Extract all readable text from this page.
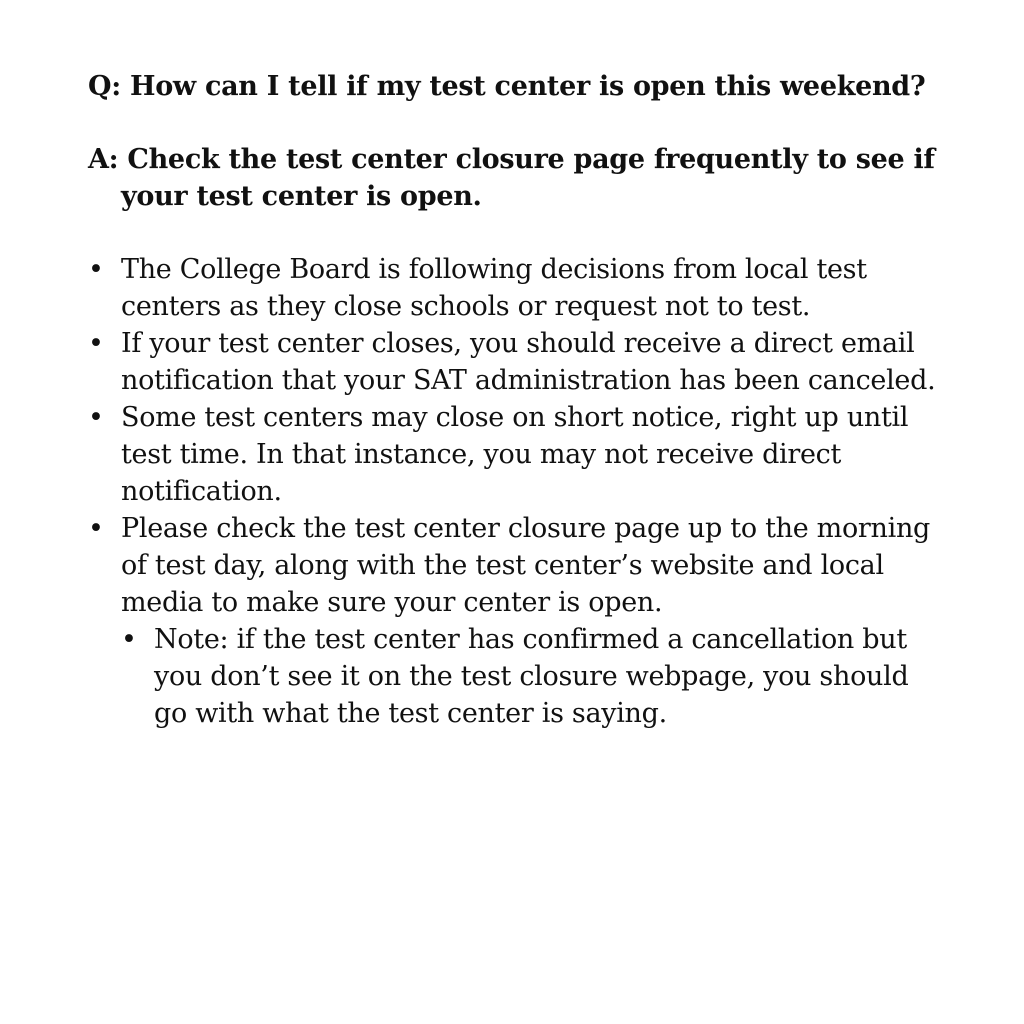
Q: How can I tell if my test center is open this weekend?

A: Check the test center closure page frequently to see if your test center is open.

• The College Board is following decisions from local test centers as they close schools or request not to test.
• If your test center closes, you should receive a direct email notification that your SAT administration has been canceled.
• Some test centers may close on short notice, right up until test time. In that instance, you may not receive direct notification.
• Please check the test center closure page up to the morning of test day, along with the test center’s website and local media to make sure your center is open.
• Note: if the test center has confirmed a cancellation but you don’t see it on the test closure webpage, you should go with what the test center is saying.
